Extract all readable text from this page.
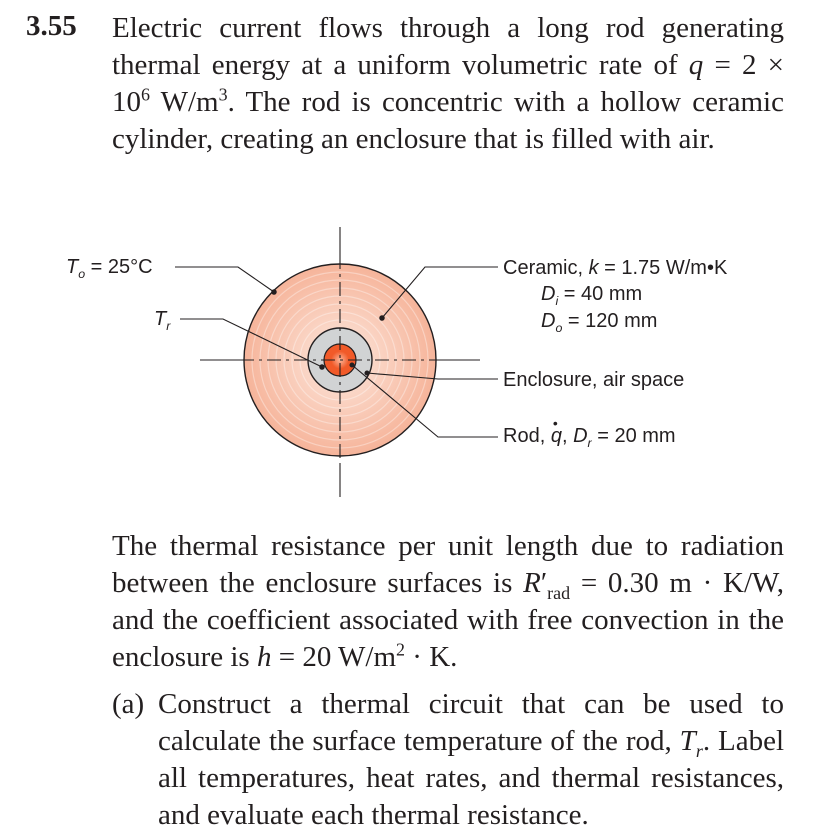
3.55 Electric current flows through a long rod generating thermal energy at a uniform volumetric rate of $q = 2 \times 10^6$ $W/m^3$. The rod is concentric with a hollow ceramic cylinder, creating an enclosure that is filled with air.
$T_o = 25^\circ C$
$T_r$
Ceramic, k = 1.75 W/m•K
$D_i = 40$ mm
$D_o = 120$ mm
Enclosure, air space
Rod, • q, $D_r = 20$ mm
The thermal resistance per unit length due to radiation between the enclosure surfaces is $R'_{rad} = 0.30$ m · K/W, and the coefficient associated with free convection in the enclosure is h = 20 $W/m^2 \cdot K$.
(a) Construct a thermal circuit that can be used to calculate the surface temperature of the rod, $T_r$. Label all temperatures, heat rates, and thermal resistances, and evaluate each thermal resistance.
